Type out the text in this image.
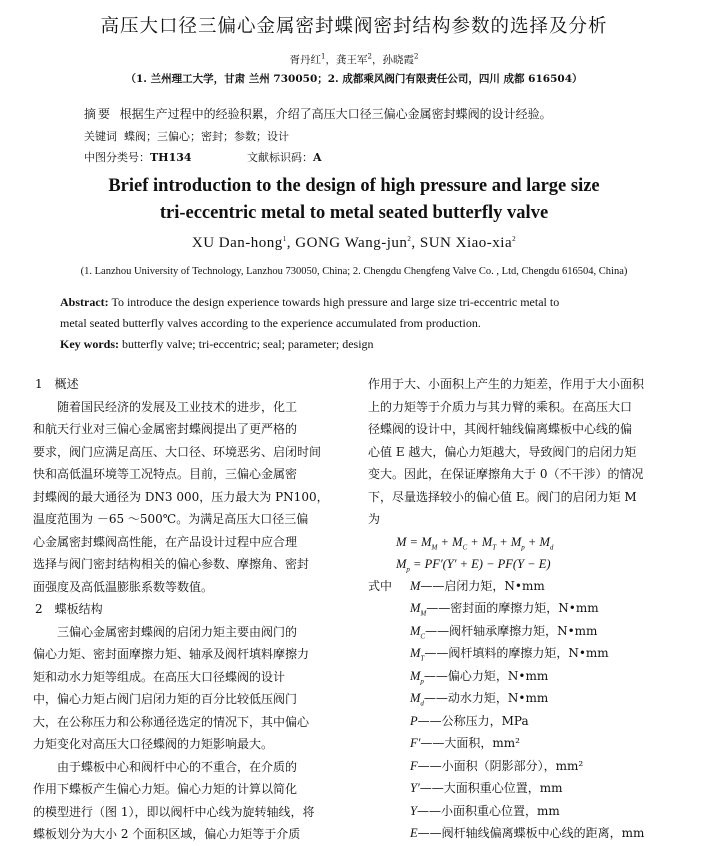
高压大口径三偏心金属密封蝶阀密封结构参数的选择及分析
胥丹红$^1$，龚王军$^2$，孙晓霞$^2$
（1. 兰州理工大学，甘肃 兰州 730050；2. 成都乘风阀门有限责任公司，四川 成都 616504）
摘要 根据生产过程中的经验积累，介绍了高压大口径三偏心金属密封蝶阀的设计经验。
关键词 蝶阀；三偏心；密封；参数；设计
中图分类号：TH134	文献标识码：A
Brief introduction to the design of high pressure and large size
tri-eccentric metal to metal seated butterfly valve
XU Dan-hong$^1$, GONG Wang-jun$^2$, SUN Xiao-xia$^2$
(1. Lanzhou University of Technology, Lanzhou 730050, China; 2. Chengdu Chengfeng Valve Co. , Ltd, Chengdu 616504, China)
Abstract: To introduce the design experience towards high pressure and large size tri-eccentric metal to
metal seated butterfly valves according to the experience accumulated from production.
Key words: butterfly valve; tri-eccentric; seal; parameter; design
1　概述
随着国民经济的发展及工业技术的进步，化工
和航天行业对三偏心金属密封蝶阀提出了更严格的
要求，阀门应满足高压、大口径、环境恶劣、启闭时间
快和高低温环境等工况特点。目前，三偏心金属密
封蝶阀的最大通径为 DN3 000，压力最大为 PN100，
温度范围为 －65 ～500℃。为满足高压大口径三偏
心金属密封蝶阀高性能，在产品设计过程中应合理
选择与阀门密封结构相关的偏心参数、摩擦角、密封
面强度及高低温膨胀系数等数值。
2　蝶板结构
三偏心金属密封蝶阀的启闭力矩主要由阀门的
偏心力矩、密封面摩擦力矩、轴承及阀杆填料摩擦力
矩和动水力矩等组成。在高压大口径蝶阀的设计
中，偏心力矩占阀门启闭力矩的百分比较低压阀门
大，在公称压力和公称通径选定的情况下，其中偏心
力矩变化对高压大口径蝶阀的力矩影响最大。
由于蝶板中心和阀杆中心的不重合，在介质的
作用下蝶板产生偏心力矩。偏心力矩的计算以简化
的模型进行（图 1），即以阀杆中心线为旋转轴线，将
蝶板划分为大小 2 个面积区域，偏心力矩等于介质
作用于大、小面积上产生的力矩差，作用于大小面积
上的力矩等于介质力与其力臂的乘积。在高压大口
径蝶阀的设计中，其阀杆轴线偏离蝶板中心线的偏
心值 E 越大，偏心力矩越大，导致阀门的启闭力矩
变大。因此，在保证摩擦角大于 0（不干涉）的情况
下，尽量选择较小的偏心值 E。阀门的启闭力矩 M
为
$M = M_M + M_C + M_T + M_p + M_d$
$M_p = PF'(Y' + E) - PF(Y - E)$
式中 M——启闭力矩，N•mm
$M_M——$密封面的摩擦力矩，N•mm
$M_C——$阀杆轴承摩擦力矩，N•mm
$M_T——$阀杆填料的摩擦力矩，N•mm
$M_p——$偏心力矩，N•mm
$M_d——$动水力矩，N•mm
P——公称压力，MPa
F′——大面积，mm²
F——小面积（阴影部分），mm²
Y′——大面积重心位置，mm
Y——小面积重心位置，mm
E——阀杆轴线偏离蝶板中心线的距离，mm
